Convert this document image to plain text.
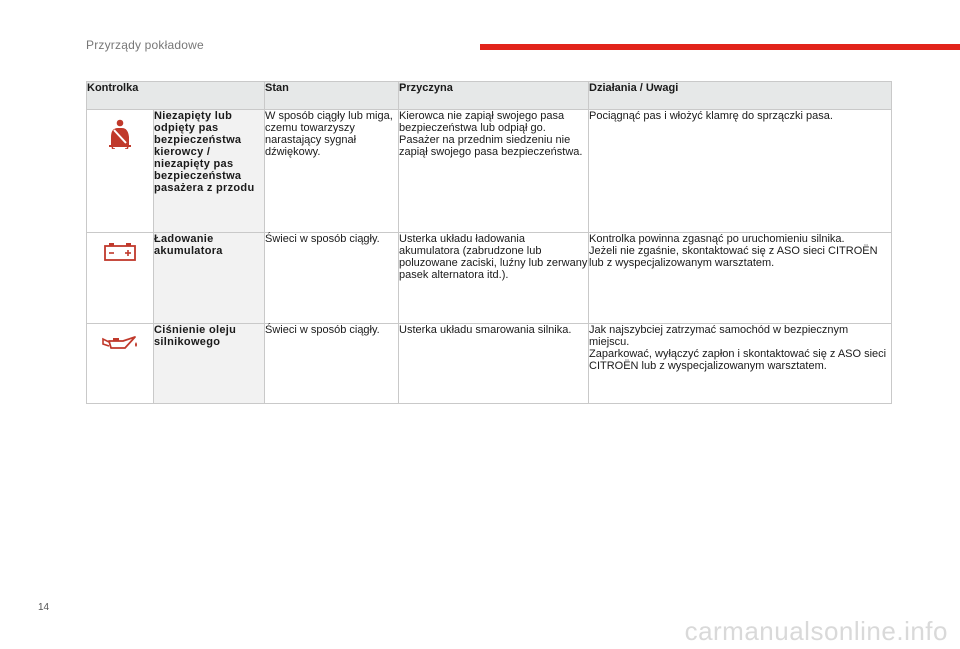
Przyrządy pokładowe
Kontrolka		Stan	Przyczyna	Działania / Uwagi
	Niezapięty lub odpięty pas bezpieczeństwa kierowcy / niezapięty pas bezpieczeństwa pasażera z przodu	W sposób ciągły lub miga, czemu towarzyszy narastający sygnał dźwiękowy.	Kierowca nie zapiął swojego pasa bezpieczeństwa lub odpiął go.
Pasażer na przednim siedzeniu nie zapiął swojego pasa bezpieczeństwa.	Pociągnąć pas i włożyć klamrę do sprzączki pasa.
	Ładowanie akumulatora	Świeci w sposób ciągły.	Usterka układu ładowania akumulatora (zabrudzone lub poluzowane zaciski, luźny lub zerwany pasek alternatora itd.).	Kontrolka powinna zgasnąć po uruchomieniu silnika.
Jeżeli nie zgaśnie, skontaktować się z ASO sieci CITROËN lub z wyspecjalizowanym warsztatem.
	Ciśnienie oleju silnikowego	Świeci w sposób ciągły.	Usterka układu smarowania silnika.	Jak najszybciej zatrzymać samochód w bezpiecznym miejscu.
Zaparkować, wyłączyć zapłon i skontaktować się z ASO sieci CITROËN lub z wyspecjalizowanym warsztatem.
14
carmanualsonline.info
